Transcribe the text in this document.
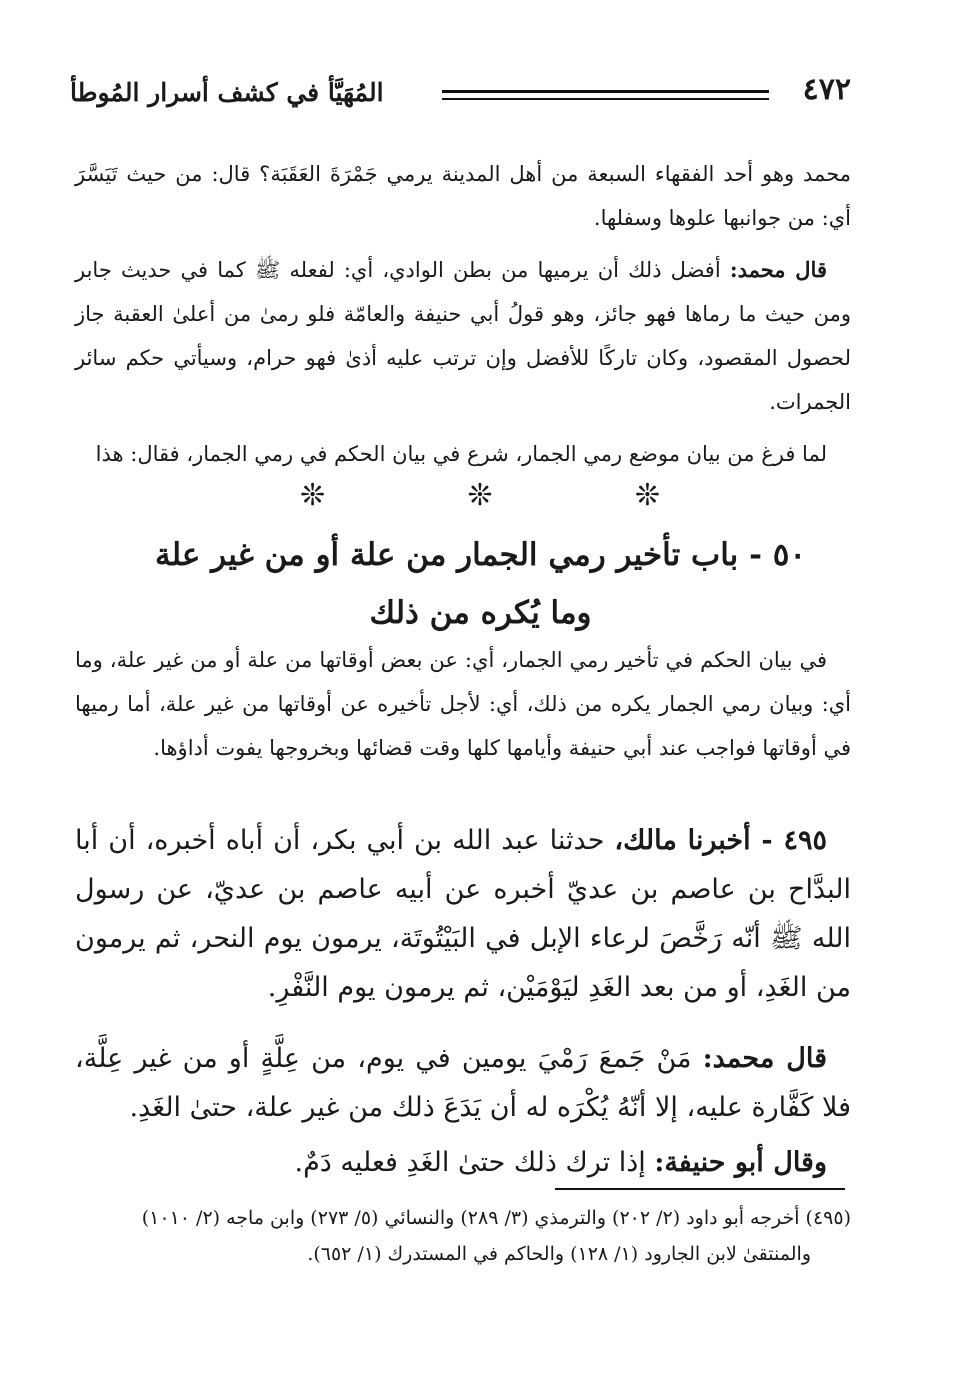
٤٧٢
المُهَيَّأ في كشف أسرار المُوطأ

محمد وهو أحد الفقهاء السبعة من أهل المدينة يرمي جَمْرَةَ العَقَبَة؟ قال: من حيث تَيَسَّرَ أي: من جوانبها علوها وسفلها.

قال محمد: أفضل ذلك أن يرميها من بطن الوادي، أي: لفعله ﷺ كما في حديث جابر ومن حيث ما رماها فهو جائز، وهو قولُ أبي حنيفة والعامّة فلو رمىٰ من أعلىٰ العقبة جاز لحصول المقصود، وكان تاركًا للأفضل وإن ترتب عليه أذىٰ فهو حرام، وسيأتي حكم سائر الجمرات.

لما فرغ من بيان موضع رمي الجمار، شرع في بيان الحكم في رمي الجمار، فقال: هذا

❊	❊	❊
٥٠ - باب تأخير رمي الجمار من علة أو من غير علة
وما يُكره من ذلك

في بيان الحكم في تأخير رمي الجمار، أي: عن بعض أوقاتها من علة أو من غير علة، وما أي: وبيان رمي الجمار يكره من ذلك، أي: لأجل تأخيره عن أوقاتها من غير علة، أما رميها في أوقاتها فواجب عند أبي حنيفة وأيامها كلها وقت قضائها وبخروجها يفوت أداؤها.

٤٩٥ - أخبرنا مالك، حدثنا عبد الله بن أبي بكر، أن أباه أخبره، أن أبا البدَّاح بن عاصم بن عديّ أخبره عن أبيه عاصم بن عديّ، عن رسول الله ﷺ أنّه رَخَّصَ لرعاء الإبل في البَيْتُوتَة، يرمون يوم النحر، ثم يرمون من الغَدِ، أو من بعد الغَدِ ليَوْمَيْن، ثم يرمون يوم النَّفْرِ.

قال محمد: مَنْ جَمعَ رَمْيَ يومين في يوم، من عِلَّةٍ أو من غير عِلَّة، فلا كَفَّارة عليه، إلا أنّهُ يُكْرَه له أن يَدَعَ ذلك من غير علة، حتىٰ الغَدِ.

وقال أبو حنيفة: إذا ترك ذلك حتىٰ الغَدِ فعليه دَمٌ.

(٤٩٥) أخرجه أبو داود (٢/ ٢٠٢) والترمذي (٣/ ٢٨٩) والنسائي (٥/ ٢٧٣) وابن ماجه (٢/ ١٠١٠)
والمنتقىٰ لابن الجارود (١/ ١٢٨) والحاكم في المستدرك (١/ ٦٥٢).
